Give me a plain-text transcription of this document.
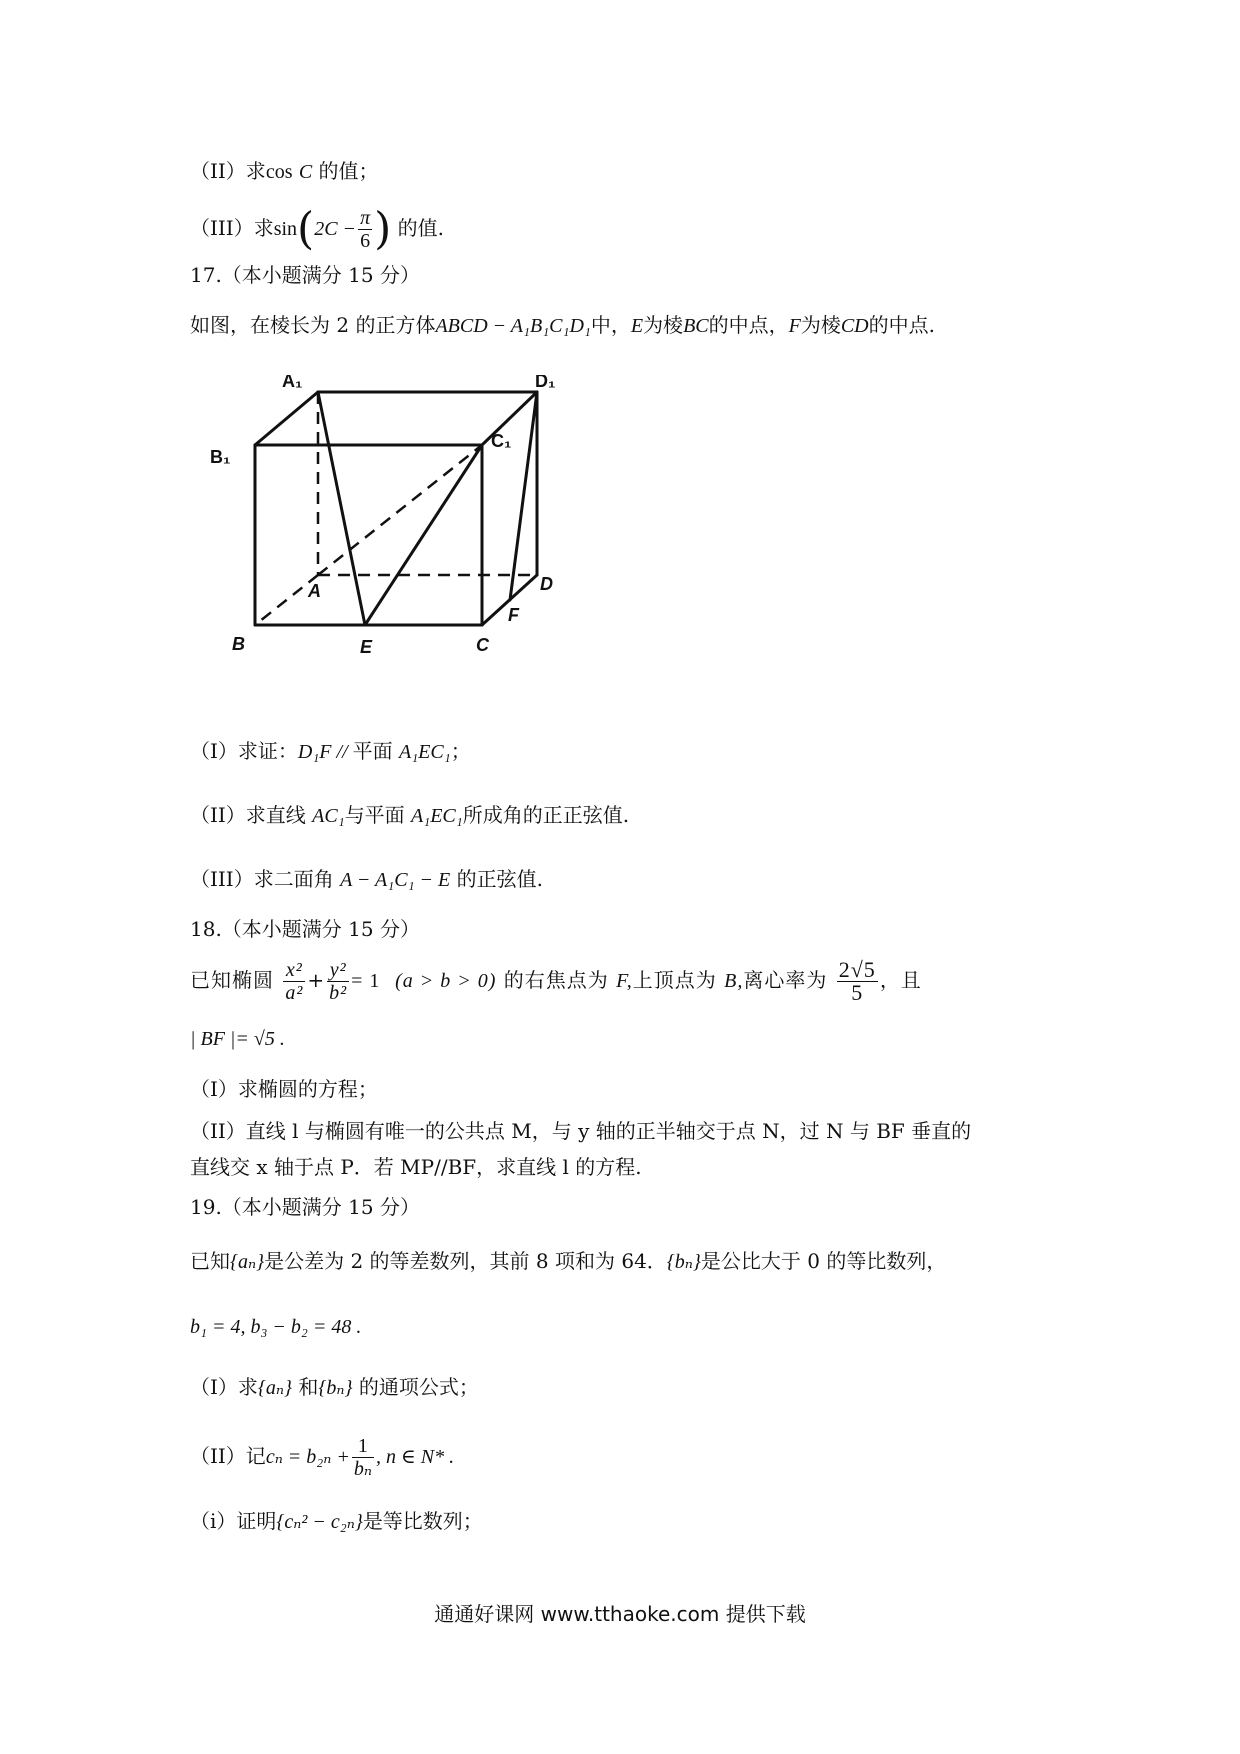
（II）求cos C 的值；
（III）求$\sin(2C - \frac{\pi}{6}$ ) 的值.
17.（本小题满分 15 分）
如图，在棱长为 2 的正方体ABCD − A₁B₁C₁D₁中，E为棱BC的中点，F为棱CD的中点.
A₁	D₁
B₁
C₁
A	D
B	E	C
F
（I）求证：D₁F // 平面 A₁EC₁；
（II）求直线 AC₁与平面 A₁EC₁所成角的正正弦值.
（III）求二面角 A − A₁C₁ − E 的正弦值.
18.（本小题满分 15 分）
已知椭圆 $\frac{\text{x²}}{\text{a²}} + \frac{\text{y²}}{\text{b²}} = 1$ (a > b > 0) 的右焦点为 F,上顶点为 B,离心率为 $\frac{2√5}{5}$ ，且
| BF |= √5 .
（I）求椭圆的方程；
（II）直线 l 与椭圆有唯一的公共点 M，与 y 轴的正半轴交于点 N，过 N 与 BF 垂直的
直线交 x 轴于点 P．若 MP//BF，求直线 l 的方程.
19.（本小题满分 15 分）
已知{aₙ}是公差为 2 的等差数列，其前 8 项和为 64．{bₙ}是公比大于 0 的等比数列，
b₁ = 4, b₃ − b₂ = 48 .
（I）求{aₙ} 和{bₙ} 的通项公式；
（II）记$c_n = b_{2n} + \frac{1}{\text{bₙ}}$ , n ∈ N* .
（i）证明{cₙ² − c₂ₙ}是等比数列；
通通好课网 www.tthaoke.com 提供下载
